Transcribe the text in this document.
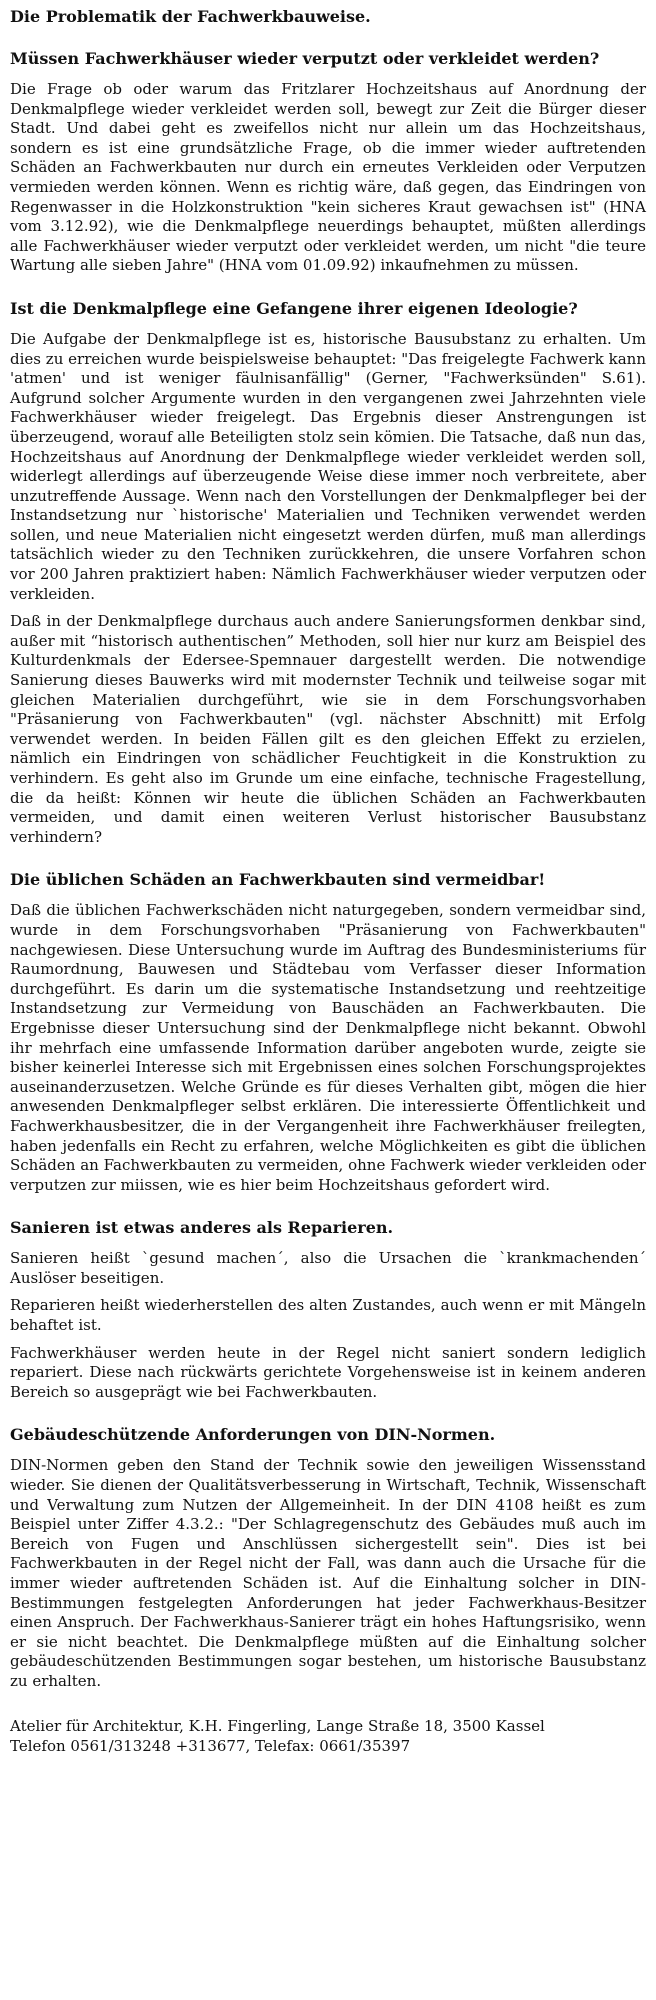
Die Problematik der Fachwerkbauweise.
Müssen Fachwerkhäuser wieder verputzt oder verkleidet werden?

Die Frage ob oder warum das Fritzlarer Hochzeitshaus auf Anordnung der Denkmalpflege wieder verkleidet werden soll, bewegt zur Zeit die Bürger dieser Stadt. Und dabei geht es zweifellos nicht nur allein um das Hochzeitshaus, sondern es ist eine grundsätzliche Frage, ob die immer wieder auftretenden Schäden an Fachwerkbauten nur durch ein erneutes Verkleiden oder Verputzen vermieden werden können. Wenn es richtig wäre, daß gegen, das Eindringen von Regenwasser in die Holzkonstruktion "kein sicheres Kraut gewachsen ist" (HNA vom 3.12.92), wie die Denkmalpflege neuerdings behauptet, müßten allerdings alle Fachwerkhäuser wieder verputzt oder verkleidet werden, um nicht "die teure Wartung alle sieben Jahre" (HNA vom 01.09.92) inkaufnehmen zu müssen.

Ist die Denkmalpflege eine Gefangene ihrer eigenen Ideologie?

Die Aufgabe der Denkmalpflege ist es, historische Bausubstanz zu erhalten. Um dies zu erreichen wurde beispielsweise behauptet: "Das freigelegte Fachwerk kann 'atmen' und ist weniger fäulnisanfällig" (Gerner, "Fachwerksünden" S.61). Aufgrund solcher Argumente wurden in den vergangenen zwei Jahrzehnten viele Fachwerkhäuser wieder freigelegt. Das Ergebnis dieser Anstrengungen ist überzeugend, worauf alle Beteiligten stolz sein kömien. Die Tatsache, daß nun das, Hochzeitshaus auf Anordnung der Denkmalpflege wieder verkleidet werden soll, widerlegt allerdings auf überzeugende Weise diese immer noch verbreitete, aber unzutreffende Aussage. Wenn nach den Vorstellungen der Denkmalpfleger bei der Instandsetzung nur `historische' Materialien und Techniken verwendet werden sollen, und neue Materialien nicht eingesetzt werden dürfen, muß man allerdings tatsächlich wieder zu den Techniken zurückkehren, die unsere Vorfahren schon vor 200 Jahren praktiziert haben: Nämlich Fachwerkhäuser wieder verputzen oder verkleiden.

Daß in der Denkmalpflege durchaus auch andere Sanierungsformen denkbar sind, außer mit “historisch authentischen” Methoden, soll hier nur kurz am Beispiel des Kulturdenkmals der Edersee-Spemnauer dargestellt werden. Die notwendige Sanierung dieses Bauwerks wird mit modernster Technik und teilweise sogar mit gleichen Materialien durchgeführt, wie sie in dem Forschungsvorhaben "Präsanierung von Fachwerkbauten" (vgl. nächster Abschnitt) mit Erfolg verwendet werden. In beiden Fällen gilt es den gleichen Effekt zu erzielen, nämlich ein Eindringen von schädlicher Feuchtigkeit in die Konstruktion zu verhindern. Es geht also im Grunde um eine einfache, technische Fragestellung, die da heißt: Können wir heute die üblichen Schäden an Fachwerkbauten vermeiden, und damit einen weiteren Verlust historischer Bausubstanz verhindern?

Die üblichen Schäden an Fachwerkbauten sind vermeidbar!

Daß die üblichen Fachwerkschäden nicht naturgegeben, sondern vermeidbar sind, wurde in dem Forschungsvorhaben "Präsanierung von Fachwerkbauten" nachgewiesen. Diese Untersuchung wurde im Auftrag des Bundesministeriums für Raumordnung, Bauwesen und Städtebau vom Verfasser dieser Information durchgeführt. Es darin um die systematische Instandsetzung und reehtzeitige Instandsetzung zur Vermeidung von Bauschäden an Fachwerkbauten. Die Ergebnisse dieser Untersuchung sind der Denkmalpflege nicht bekannt. Obwohl ihr mehrfach eine umfassende Information darüber angeboten wurde, zeigte sie bisher keinerlei Interesse sich mit Ergebnissen eines solchen Forschungsprojektes auseinanderzusetzen. Welche Gründe es für dieses Verhalten gibt, mögen die hier anwesenden Denkmalpfleger selbst erklären. Die interessierte Öffentlichkeit und Fachwerkhausbesitzer, die in der Vergangenheit ihre Fachwerkhäuser freilegten, haben jedenfalls ein Recht zu erfahren, welche Möglichkeiten es gibt die üblichen Schäden an Fachwerkbauten zu vermeiden, ohne Fachwerk wieder verkleiden oder verputzen zur miissen, wie es hier beim Hochzeitshaus gefordert wird.

Sanieren ist etwas anderes als Reparieren.

Sanieren heißt `gesund machen´, also die Ursachen die `krankmachenden´ Auslöser beseitigen.

Reparieren heißt wiederherstellen des alten Zustandes, auch wenn er mit Mängeln behaftet ist.

Fachwerkhäuser werden heute in der Regel nicht saniert sondern lediglich repariert. Diese nach rückwärts gerichtete Vorgehensweise ist in keinem anderen Bereich so ausgeprägt wie bei Fachwerkbauten.

Gebäudeschützende Anforderungen von DIN-Normen.

DIN-Normen geben den Stand der Technik sowie den jeweiligen Wissensstand wieder. Sie dienen der Qualitätsverbesserung in Wirtschaft, Technik, Wissenschaft und Verwaltung zum Nutzen der Allgemeinheit. In der DIN 4108 heißt es zum Beispiel unter Ziffer 4.3.2.: "Der Schlagregenschutz des Gebäudes muß auch im Bereich von Fugen und Anschlüssen sichergestellt sein". Dies ist bei Fachwerkbauten in der Regel nicht der Fall, was dann auch die Ursache für die immer wieder auftretenden Schäden ist. Auf die Einhaltung solcher in DIN-Bestimmungen festgelegten Anforderungen hat jeder Fachwerkhaus-Besitzer einen Anspruch. Der Fachwerkhaus-Sanierer trägt ein hohes Haftungsrisiko, wenn er sie nicht beachtet. Die Denkmalpflege müßten auf die Einhaltung solcher gebäudeschützenden Bestimmungen sogar bestehen, um historische Bausubstanz zu erhalten.

Atelier für Architektur, K.H. Fingerling, Lange Straße 18, 3500 Kassel
Telefon 0561/313248 +313677, Telefax: 0661/35397
